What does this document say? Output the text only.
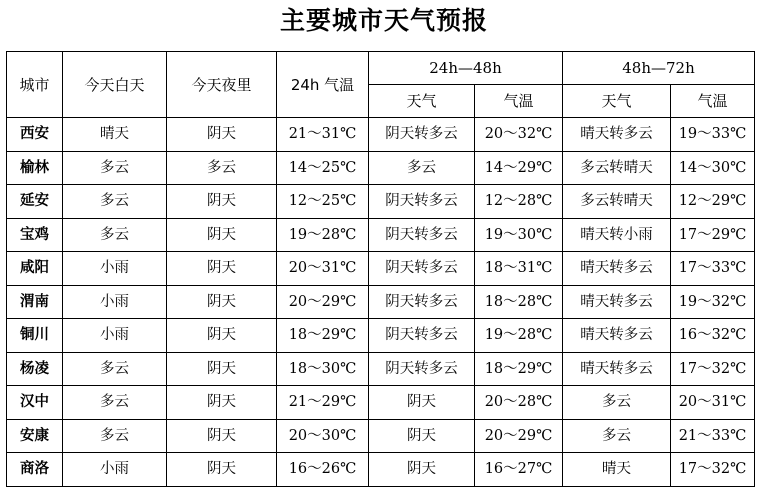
主要城市天气预报
城市	今天白天	今天夜里	24h 气温	24h—48h		48h—72h	
				天气	气温	天气	气温
西安	晴天	阴天	21～31℃	阴天转多云	20～32℃	晴天转多云	19～33℃
榆林	多云	多云	14～25℃	多云	14～29℃	多云转晴天	14～30℃
延安	多云	阴天	12～25℃	阴天转多云	12～28℃	多云转晴天	12～29℃
宝鸡	多云	阴天	19～28℃	阴天转多云	19～30℃	晴天转小雨	17～29℃
咸阳	小雨	阴天	20～31℃	阴天转多云	18～31℃	晴天转多云	17～33℃
渭南	小雨	阴天	20～29℃	阴天转多云	18～28℃	晴天转多云	19～32℃
铜川	小雨	阴天	18～29℃	阴天转多云	19～28℃	晴天转多云	16～32℃
杨凌	多云	阴天	18～30℃	阴天转多云	18～29℃	晴天转多云	17～32℃
汉中	多云	阴天	21～29℃	阴天	20～28℃	多云	20～31℃
安康	多云	阴天	20～30℃	阴天	20～29℃	多云	21～33℃
商洛	小雨	阴天	16～26℃	阴天	16～27℃	晴天	17～32℃
